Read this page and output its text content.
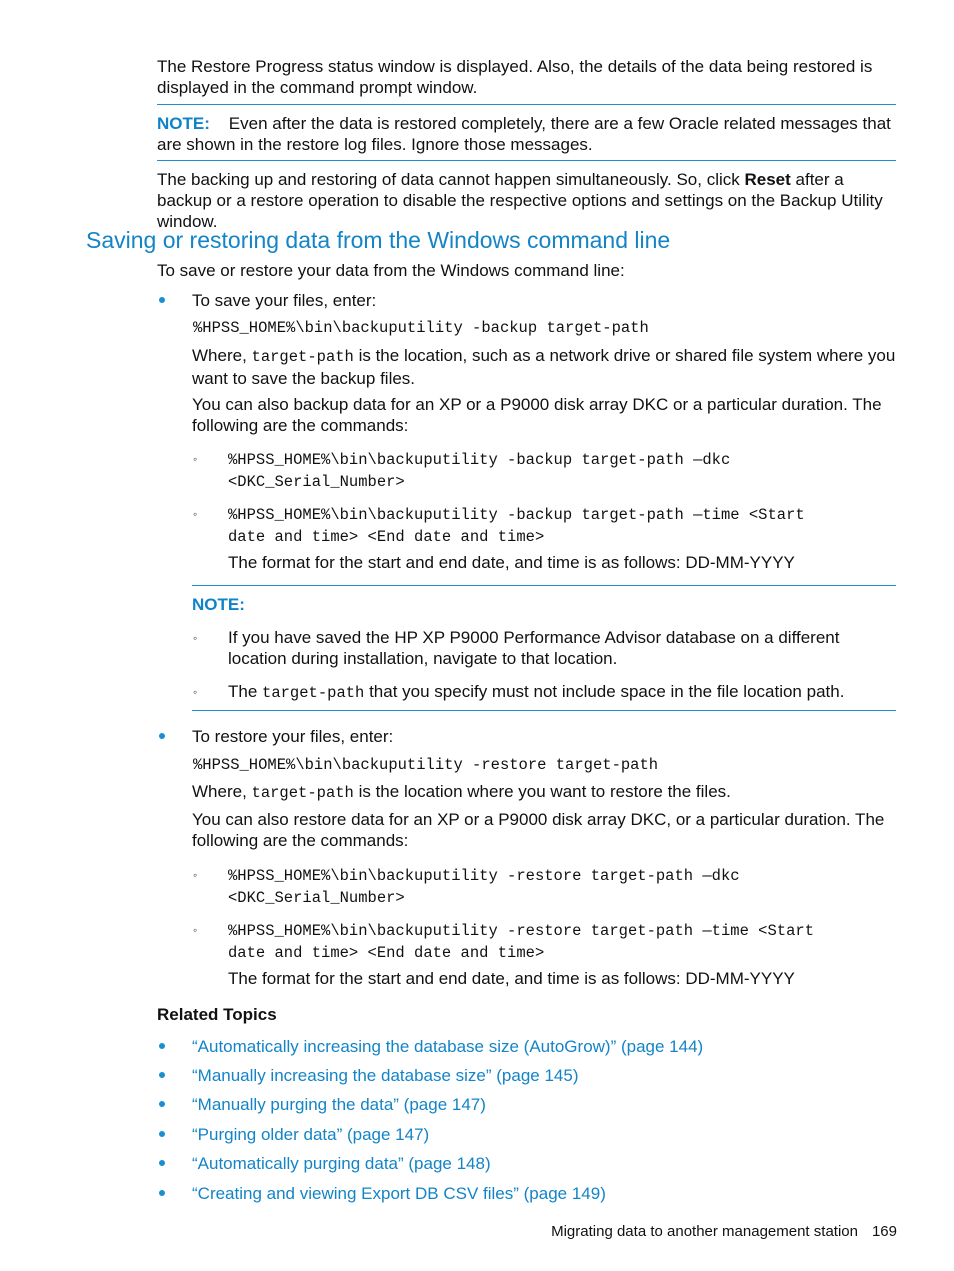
The Restore Progress status window is displayed. Also, the details of the data being restored is displayed in the command prompt window.

NOTE: Even after the data is restored completely, there are a few Oracle related messages that are shown in the restore log files. Ignore those messages.

The backing up and restoring of data cannot happen simultaneously. So, click Reset after a backup or a restore operation to disable the respective options and settings on the Backup Utility window.

Saving or restoring data from the Windows command line

To save or restore your data from the Windows command line:

To save your files, enter:

%HPSS_HOME%\bin\backuputility -backup target-path

Where, target-path is the location, such as a network drive or shared file system where you want to save the backup files.

You can also backup data for an XP or a P9000 disk array DKC or a particular duration. The following are the commands:

◦ %HPSS_HOME%\bin\backuputility -backup target-path —dkc
<DKC_Serial_Number>
◦ %HPSS_HOME%\bin\backuputility -backup target-path —time <Start
date and time> <End date and time>

The format for the start and end date, and time is as follows: DD-MM-YYYY

NOTE:

◦ If you have saved the HP XP P9000 Performance Advisor database on a different location during installation, navigate to that location.

◦ The target-path that you specify must not include space in the file location path.

To restore your files, enter:

%HPSS_HOME%\bin\backuputility -restore target-path

Where, target-path is the location where you want to restore the files.

You can also restore data for an XP or a P9000 disk array DKC, or a particular duration. The following are the commands:

◦ %HPSS_HOME%\bin\backuputility -restore target-path —dkc
<DKC_Serial_Number>
◦ %HPSS_HOME%\bin\backuputility -restore target-path —time <Start
date and time> <End date and time>

The format for the start and end date, and time is as follows: DD-MM-YYYY

Related Topics

“Automatically increasing the database size (AutoGrow)” (page 144)

“Manually increasing the database size” (page 145)

“Manually purging the data” (page 147)

“Purging older data” (page 147)

“Automatically purging data” (page 148)

“Creating and viewing Export DB CSV files” (page 149)

Migrating data to another management station 169
